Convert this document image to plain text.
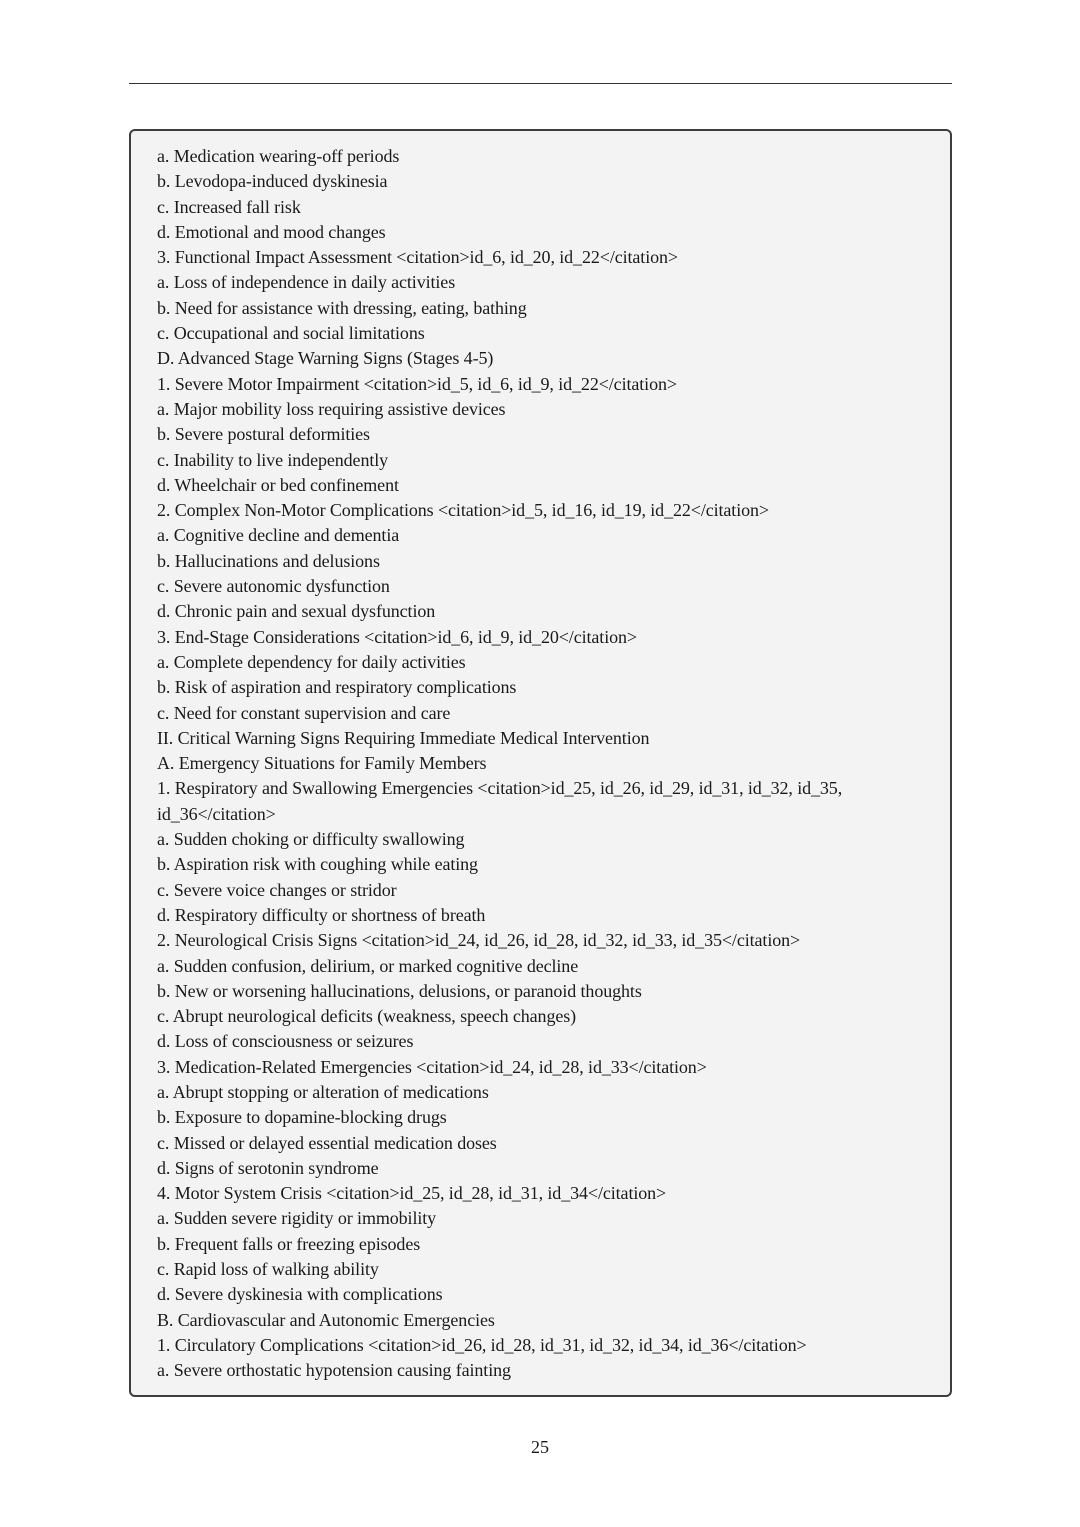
a. Medication wearing-off periods
b. Levodopa-induced dyskinesia
c. Increased fall risk
d. Emotional and mood changes
3. Functional Impact Assessment <citation>id_6, id_20, id_22</citation>
a. Loss of independence in daily activities
b. Need for assistance with dressing, eating, bathing
c. Occupational and social limitations
D. Advanced Stage Warning Signs (Stages 4-5)
1. Severe Motor Impairment <citation>id_5, id_6, id_9, id_22</citation>
a. Major mobility loss requiring assistive devices
b. Severe postural deformities
c. Inability to live independently
d. Wheelchair or bed confinement
2. Complex Non-Motor Complications <citation>id_5, id_16, id_19, id_22</citation>
a. Cognitive decline and dementia
b. Hallucinations and delusions
c. Severe autonomic dysfunction
d. Chronic pain and sexual dysfunction
3. End-Stage Considerations <citation>id_6, id_9, id_20</citation>
a. Complete dependency for daily activities
b. Risk of aspiration and respiratory complications
c. Need for constant supervision and care
II. Critical Warning Signs Requiring Immediate Medical Intervention
A. Emergency Situations for Family Members
1. Respiratory and Swallowing Emergencies <citation>id_25, id_26, id_29, id_31, id_32, id_35, id_36</citation>
a. Sudden choking or difficulty swallowing
b. Aspiration risk with coughing while eating
c. Severe voice changes or stridor
d. Respiratory difficulty or shortness of breath
2. Neurological Crisis Signs <citation>id_24, id_26, id_28, id_32, id_33, id_35</citation>
a. Sudden confusion, delirium, or marked cognitive decline
b. New or worsening hallucinations, delusions, or paranoid thoughts
c. Abrupt neurological deficits (weakness, speech changes)
d. Loss of consciousness or seizures
3. Medication-Related Emergencies <citation>id_24, id_28, id_33</citation>
a. Abrupt stopping or alteration of medications
b. Exposure to dopamine-blocking drugs
c. Missed or delayed essential medication doses
d. Signs of serotonin syndrome
4. Motor System Crisis <citation>id_25, id_28, id_31, id_34</citation>
a. Sudden severe rigidity or immobility
b. Frequent falls or freezing episodes
c. Rapid loss of walking ability
d. Severe dyskinesia with complications
B. Cardiovascular and Autonomic Emergencies
1. Circulatory Complications <citation>id_26, id_28, id_31, id_32, id_34, id_36</citation>
a. Severe orthostatic hypotension causing fainting
25
